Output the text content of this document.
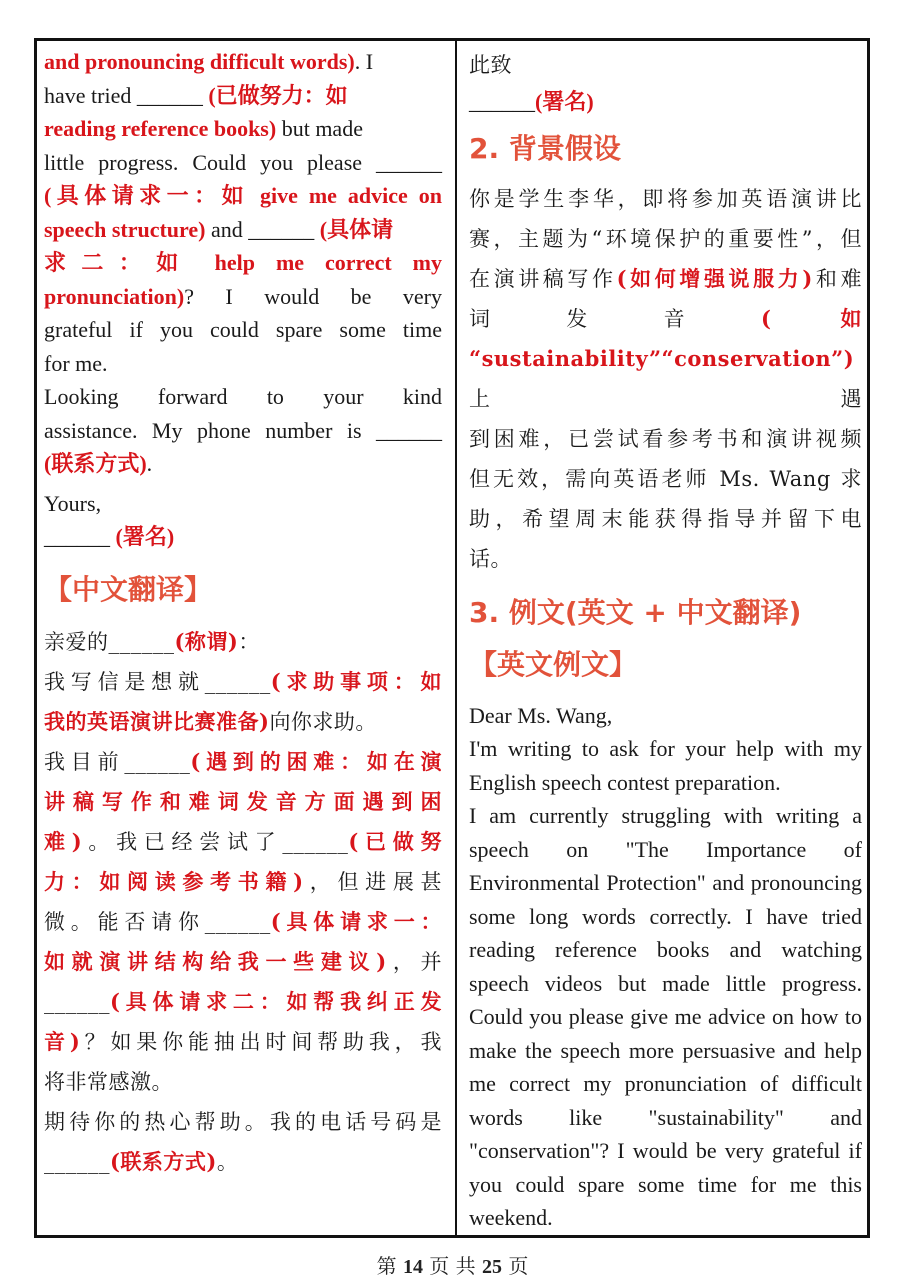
and pronouncing difficult words). I

have tried ______ (已做努力：如

reading reference books) but made

little progress. Could you please ______

(具体请求一：如 give me advice on

speech structure) and ______ (具体请

求二：如 help me correct my

pronunciation)? I would be very

grateful if you could spare some time

for me.

Looking forward to your kind

assistance. My phone number is ______

(联系方式).

Yours,

______ (署名)

【中文翻译】

亲爱的______(称谓)：

我写信是想就______(求助事项：如

我的英语演讲比赛准备)向你求助。

我目前______(遇到的困难：如在演

讲稿写作和难词发音方面遇到困

难)。我已经尝试了______(已做努

力：如阅读参考书籍)，但进展甚

微。能否请你______(具体请求一：

如就演讲结构给我一些建议)，并

______(具体请求二：如帮我纠正发

音)？如果你能抽出时间帮助我，我

将非常感激。

期待你的热心帮助。我的电话号码是

______(联系方式)。

此致

______(署名)

2. 背景假设

你是学生李华，即将参加英语演讲比

赛，主题为“环境保护的重要性”，但

在演讲稿写作(如何增强说服力)和难

词 发 音 ( 如

“sustainability”“conservation”) 上遇

到困难，已尝试看参考书和演讲视频

但无效，需向英语老师 Ms. Wang 求

助，希望周末能获得指导并留下电

话。

3. 例文(英文 + 中文翻译)
【英文例文】

Dear Ms. Wang,

I'm writing to ask for your help with my English speech contest preparation.

I am currently struggling with writing a speech on "The Importance of Environmental Protection" and pronouncing some long words correctly. I have tried reading reference books and watching speech videos but made little progress. Could you please give me advice on how to make the speech more persuasive and help me correct my pronunciation of difficult words like "sustainability" and "conservation"? I would be very grateful if you could spare some time for me this weekend.

第 14 页 共 25 页
